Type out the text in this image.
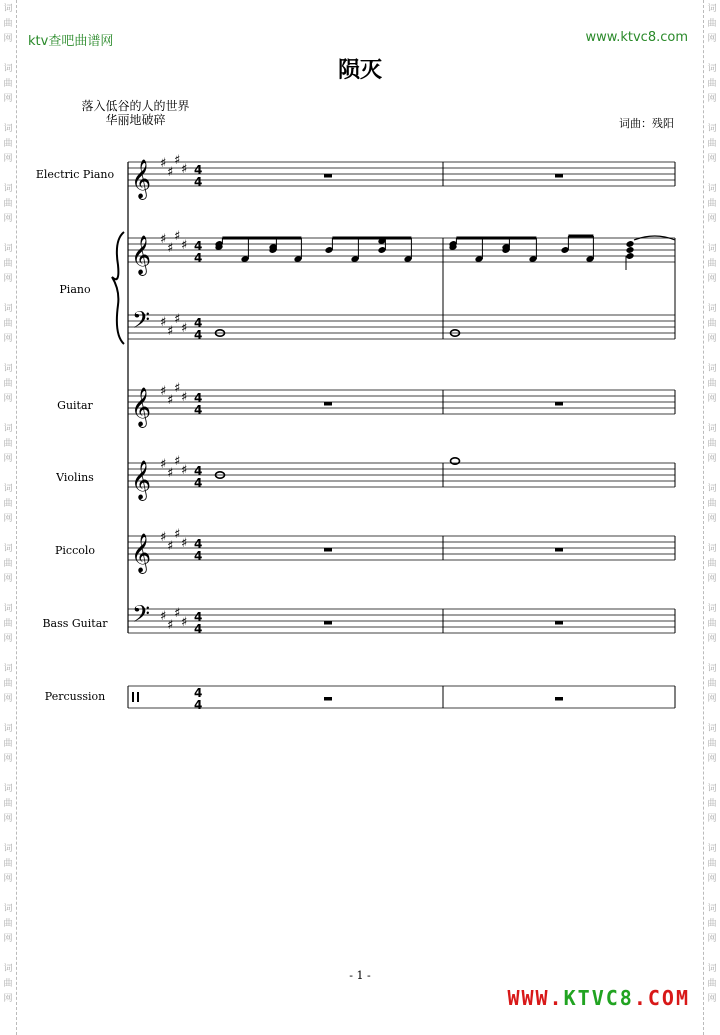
词
曲
网
词
曲
网
词
曲
网
词
曲
网
词
曲
网
词
曲
网
词
曲
网
词
曲
网
词
曲
网
词
曲
网
词
曲
网
词
曲
网
词
曲
网
词
曲
网
词
曲
网
词
曲
网
词
曲
网
词
曲
网
词
曲
网
词
曲
网
词
曲
网
词
曲
网
词
曲
网
词
曲
网
词
曲
网
词
曲
网
词
曲
网
词
曲
网
词
曲
网
词
曲
网
词
曲
网
词
曲
网
词
曲
网
词
曲
网
ktv查吧曲谱网	www.ktvc8.com
陨灭
落入低谷的人的世界
华丽地破碎	词曲：残阳
Electric Piano
Piano
Guitar
Violins
Piccolo
Bass Guitar
Percussion
𝄞 ♯
♯
♯
♯ 4
4
𝄞 ♯
♯
♯
♯ 4
4
𝄞 ♯
♯
♯
♯ 4
4
𝄞 ♯
♯
♯
♯ 4
4
𝄢 ♯
♯
♯
♯ 4
4
𝄞 ♯
♯
♯
♯ 4
4
𝄢 ♯
♯
♯
♯ 4
4
4
4
- 1 -
WWW.KTVC8.COM
